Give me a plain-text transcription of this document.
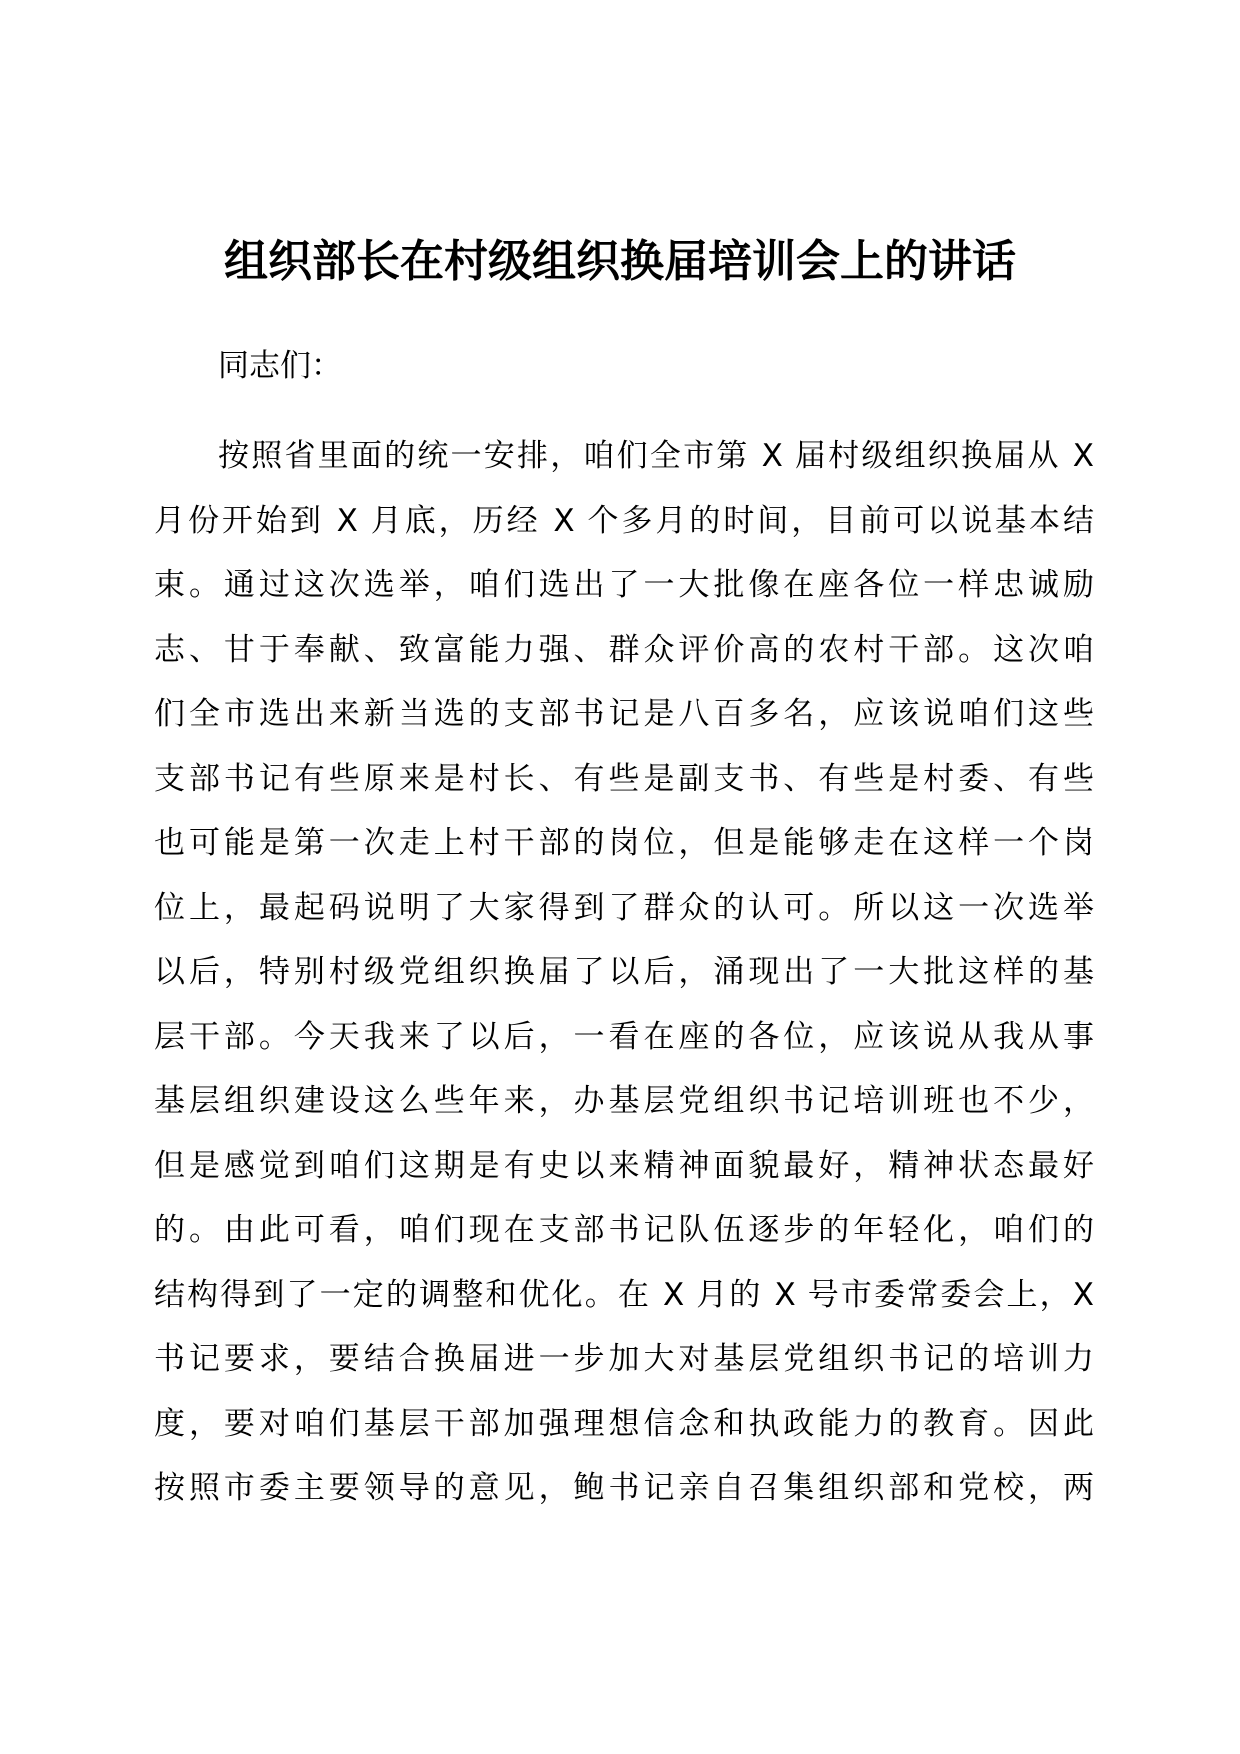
组织部长在村级组织换届培训会上的讲话
同志们：
按照省里面的统一安排，咱们全市第 X 届村级组织换届从 X
月份开始到 X 月底，历经 X 个多月的时间，目前可以说基本结
束。通过这次选举，咱们选出了一大批像在座各位一样忠诚励
志、甘于奉献、致富能力强、群众评价高的农村干部。这次咱
们全市选出来新当选的支部书记是八百多名，应该说咱们这些
支部书记有些原来是村长、有些是副支书、有些是村委、有些
也可能是第一次走上村干部的岗位，但是能够走在这样一个岗
位上，最起码说明了大家得到了群众的认可。所以这一次选举
以后，特别村级党组织换届了以后，涌现出了一大批这样的基
层干部。今天我来了以后，一看在座的各位，应该说从我从事
基层组织建设这么些年来，办基层党组织书记培训班也不少，
但是感觉到咱们这期是有史以来精神面貌最好，精神状态最好
的。由此可看，咱们现在支部书记队伍逐步的年轻化，咱们的
结构得到了一定的调整和优化。在 X 月的 X 号市委常委会上，X
书记要求，要结合换届进一步加大对基层党组织书记的培训力
度，要对咱们基层干部加强理想信念和执政能力的教育。因此
按照市委主要领导的意见，鲍书记亲自召集组织部和党校，两
